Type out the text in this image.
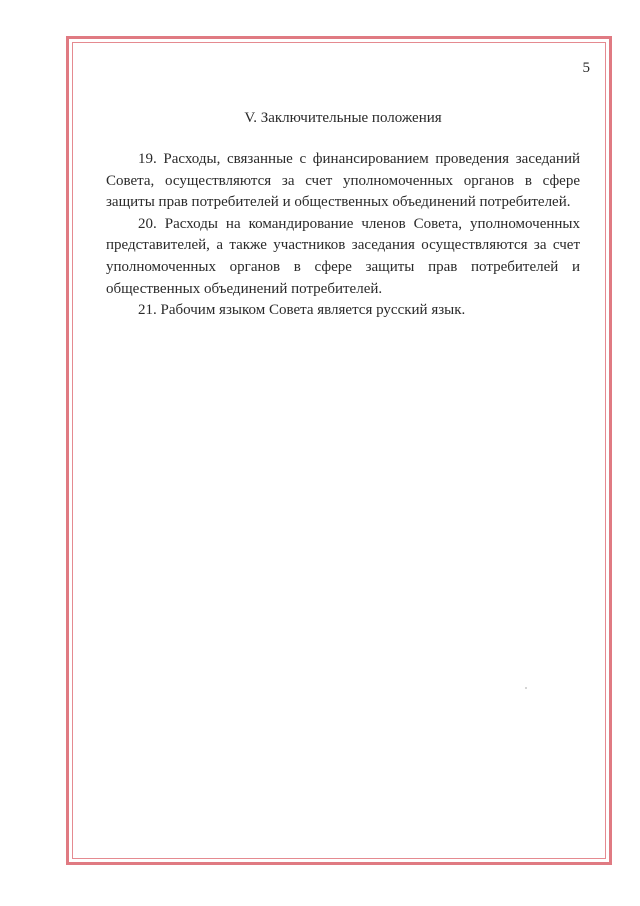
5
V. Заключительные положения

19. Расходы, связанные с финансированием проведения заседаний Совета, осуществляются за счет уполномоченных органов в сфере защиты прав потребителей и общественных объединений потребителей.

20. Расходы на командирование членов Совета, уполномоченных представителей, а также участников заседания осуществляются за счет уполномоченных органов в сфере защиты прав потребителей и общественных объединений потребителей.

21. Рабочим языком Совета является русский язык.
